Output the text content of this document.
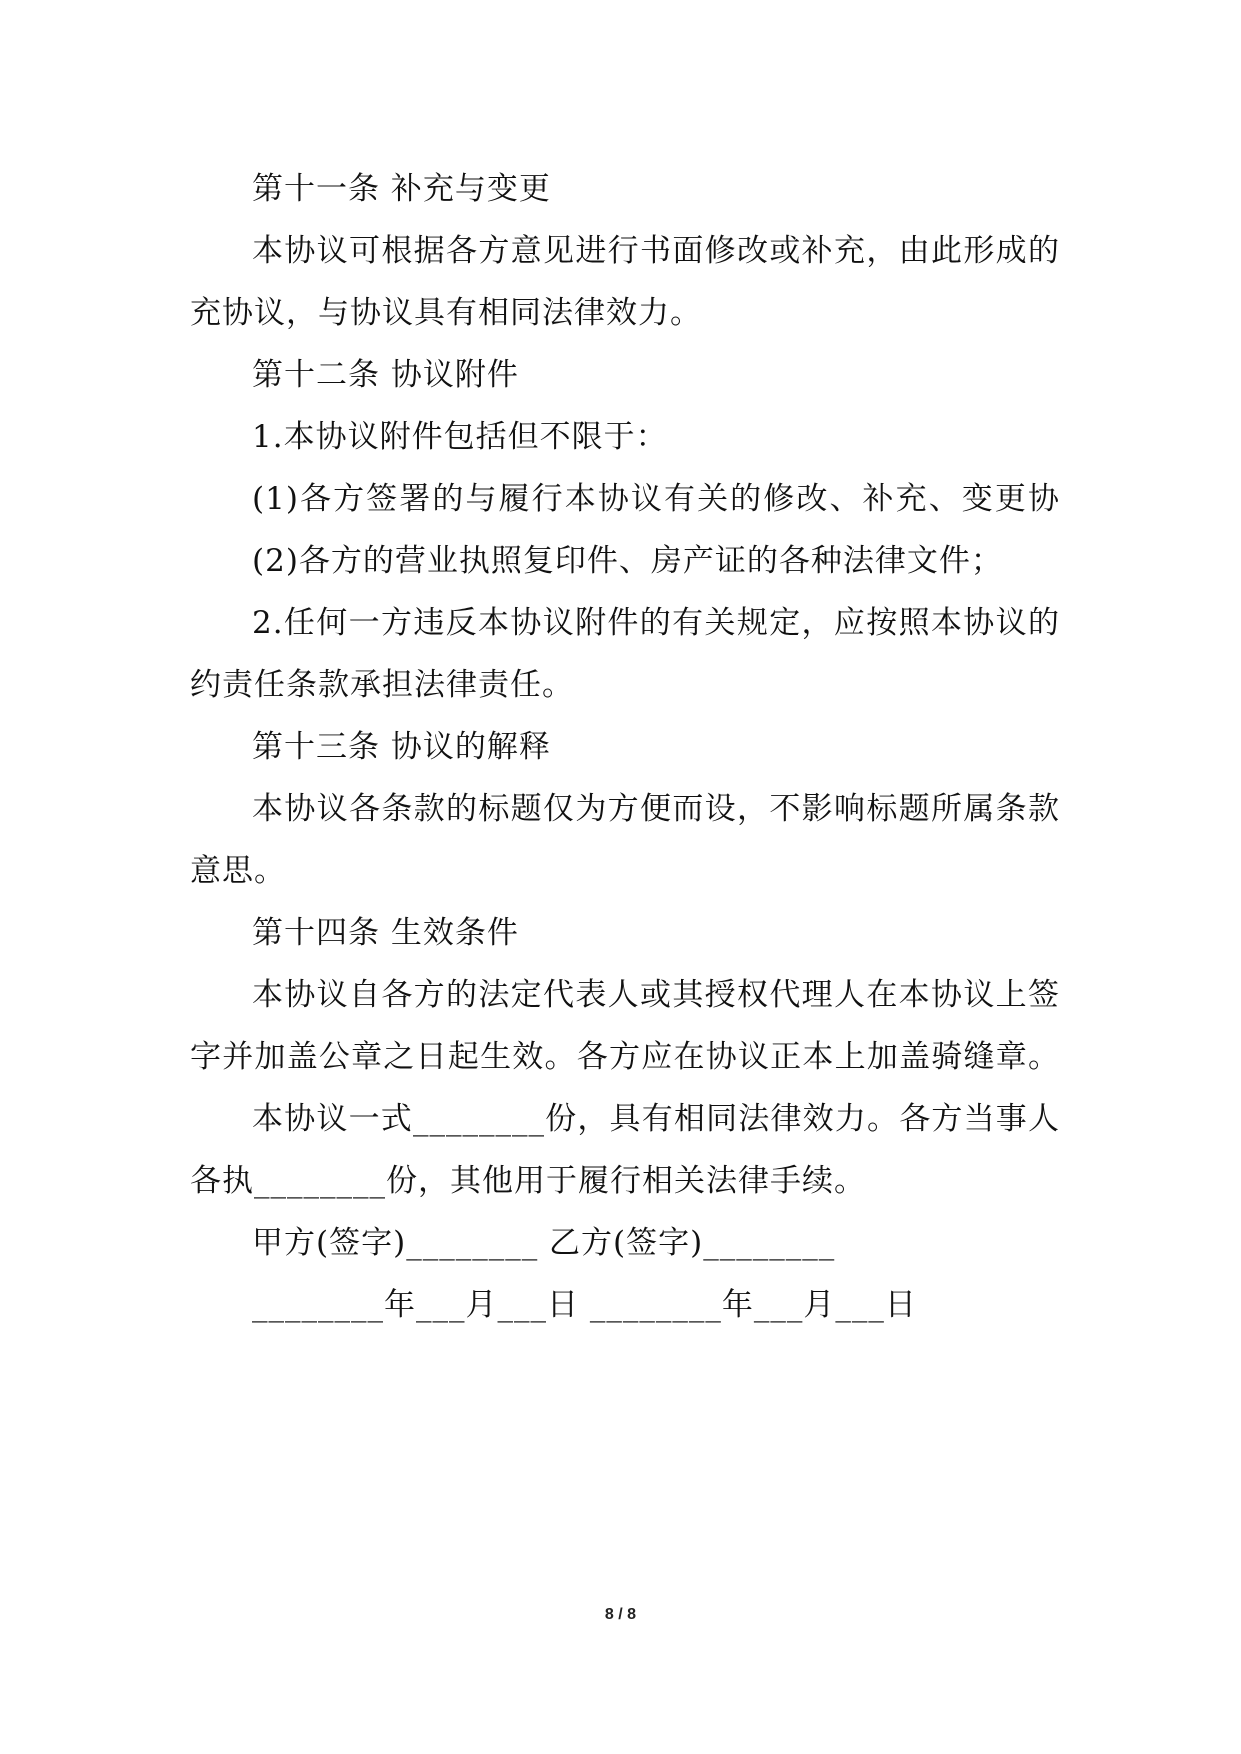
第十一条 补充与变更
本协议可根据各方意见进行书面修改或补充，由此形成的
充协议，与协议具有相同法律效力。
第十二条 协议附件
1.本协议附件包括但不限于：
(1)各方签署的与履行本协议有关的修改、补充、变更协
(2)各方的营业执照复印件、房产证的各种法律文件；
2.任何一方违反本协议附件的有关规定，应按照本协议的
约责任条款承担法律责任。
第十三条 协议的解释
本协议各条款的标题仅为方便而设，不影响标题所属条款
意思。
第十四条 生效条件
本协议自各方的法定代表人或其授权代理人在本协议上签
字并加盖公章之日起生效。各方应在协议正本上加盖骑缝章。
本协议一式________份，具有相同法律效力。各方当事人
各执________份，其他用于履行相关法律手续。
甲方(签字)________ 乙方(签字)________
________年___月___日 ________年___月___日
8 / 8
